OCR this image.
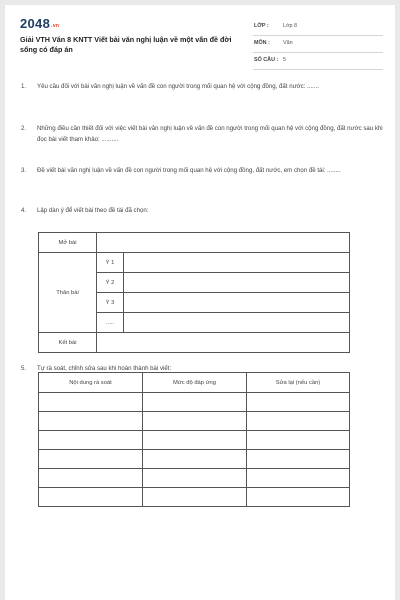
2048.vn
Giải VTH Văn 8 KNTT Viết bài văn nghị luận về một vấn đề đời sống có đáp án
LỚP :	Lớp 8
MÔN : Văn
SỐ CÂU : 5
1. Yêu cầu đối với bài văn nghị luận về vấn đề con người trong mối quan hệ với cộng đồng, đất nước: .......
2. Những điều cần thiết đối với việc viết bài văn nghị luận về vấn đề con người trong mối quan hệ với cộng đồng, đất nước sau khi đọc bài viết tham khảo: ..........
3. Đề viết bài văn nghị luận về vấn đề con người trong mối quan hệ với cộng đồng, đất nước, em chọn đề tài: ........
4. Lập dàn ý để viết bài theo đề tài đã chọn:
Mở bài		
Thân bài	Ý 1	
	Ý 2	
	Ý 3	
	.....	
Kết bài		
5. Tự rà soát, chỉnh sửa sau khi hoàn thành bài viết:
Nội dung rà soát	Mức độ đáp ứng	Sửa lại (nếu cần)
